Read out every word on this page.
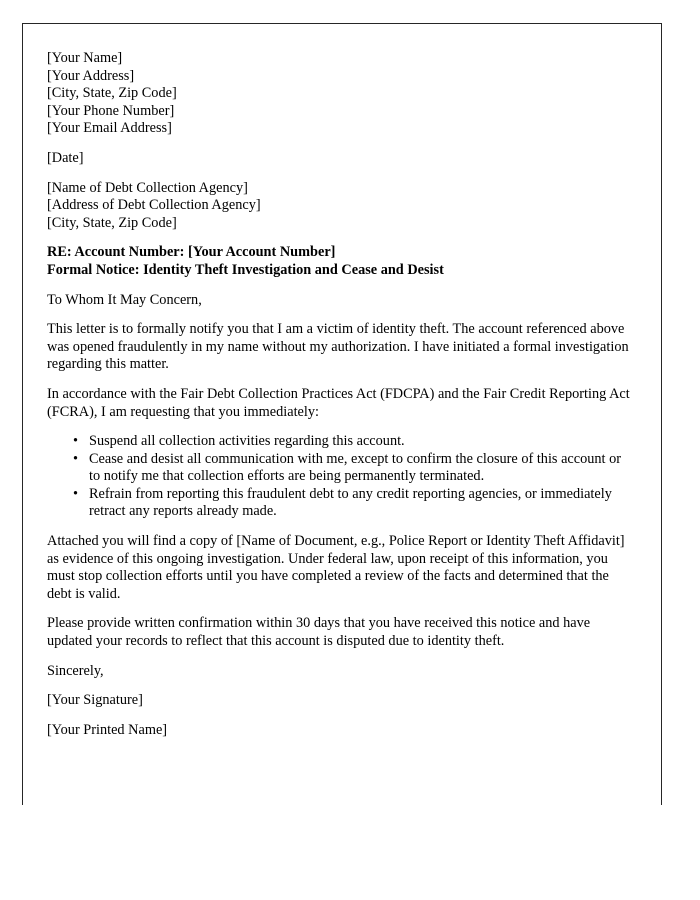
[Your Name]
[Your Address]
[City, State, Zip Code]
[Your Phone Number]
[Your Email Address]
[Date]
[Name of Debt Collection Agency]
[Address of Debt Collection Agency]
[City, State, Zip Code]
RE: Account Number: [Your Account Number]
Formal Notice: Identity Theft Investigation and Cease and Desist

To Whom It May Concern,

This letter is to formally notify you that I am a victim of identity theft. The account referenced above was opened fraudulently in my name without my authorization. I have initiated a formal investigation regarding this matter.

In accordance with the Fair Debt Collection Practices Act (FDCPA) and the Fair Credit Reporting Act (FCRA), I am requesting that you immediately:

• Suspend all collection activities regarding this account.
• Cease and desist all communication with me, except to confirm the closure of this account or to notify me that collection efforts are being permanently terminated.
• Refrain from reporting this fraudulent debt to any credit reporting agencies, or immediately retract any reports already made.

Attached you will find a copy of [Name of Document, e.g., Police Report or Identity Theft Affidavit] as evidence of this ongoing investigation. Under federal law, upon receipt of this information, you must stop collection efforts until you have completed a review of the facts and determined that the debt is valid.

Please provide written confirmation within 30 days that you have received this notice and have updated your records to reflect that this account is disputed due to identity theft.

Sincerely,
[Your Signature]
[Your Printed Name]
